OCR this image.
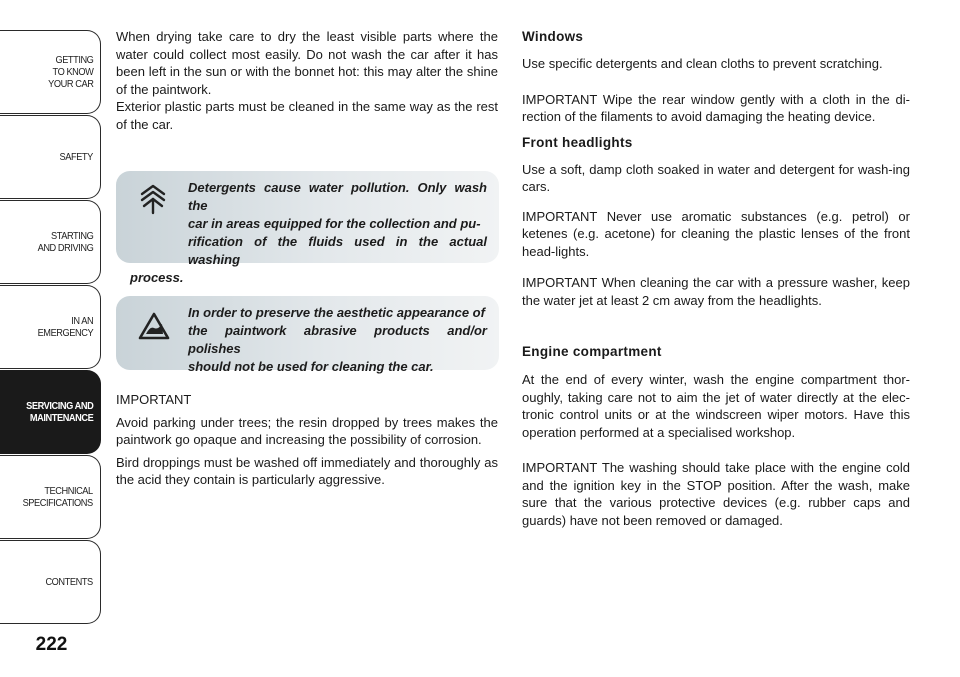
GETTING
TO KNOW
YOUR CAR
SAFETY
STARTING
AND DRIVING
IN AN
EMERGENCY
SERVICING AND
MAINTENANCE
TECHNICAL
SPECIFICATIONS
CONTENTS
222

When drying take care to dry the least visible parts where the water could collect most easily. Do not wash the car after it has been left in the sun or with the bonnet hot: this may alter the shine of the paintwork.

Exterior plastic parts must be cleaned in the same way as the rest of the car.

Detergents cause water pollution. Only wash the

car in areas equipped for the collection and pu-

rification of the fluids used in the actual washing

process.

In order to preserve the aesthetic appearance of

the paintwork abrasive products and/or polishes

should not be used for cleaning the car.

IMPORTANT

Avoid parking under trees; the resin dropped by trees makes the paintwork go opaque and increasing the possibility of corrosion.

Bird droppings must be washed off immediately and thoroughly as the acid they contain is particularly aggressive.

Windows

Use specific detergents and clean cloths to prevent scratching.

IMPORTANT Wipe the rear window gently with a cloth in the di-rection of the filaments to avoid damaging the heating device.

Front headlights

Use a soft, damp cloth soaked in water and detergent for wash-ing cars.

IMPORTANT Never use aromatic substances (e.g. petrol) or ketenes (e.g. acetone) for cleaning the plastic lenses of the front head-lights.

IMPORTANT When cleaning the car with a pressure washer, keep the water jet at least 2 cm away from the headlights.

Engine compartment

At the end of every winter, wash the engine compartment thor-oughly, taking care not to aim the jet of water directly at the elec-tronic control units or at the windscreen wiper motors. Have this operation performed at a specialised workshop.

IMPORTANT The washing should take place with the engine cold and the ignition key in the STOP position. After the wash, make sure that the various protective devices (e.g. rubber caps and guards) have not been removed or damaged.
